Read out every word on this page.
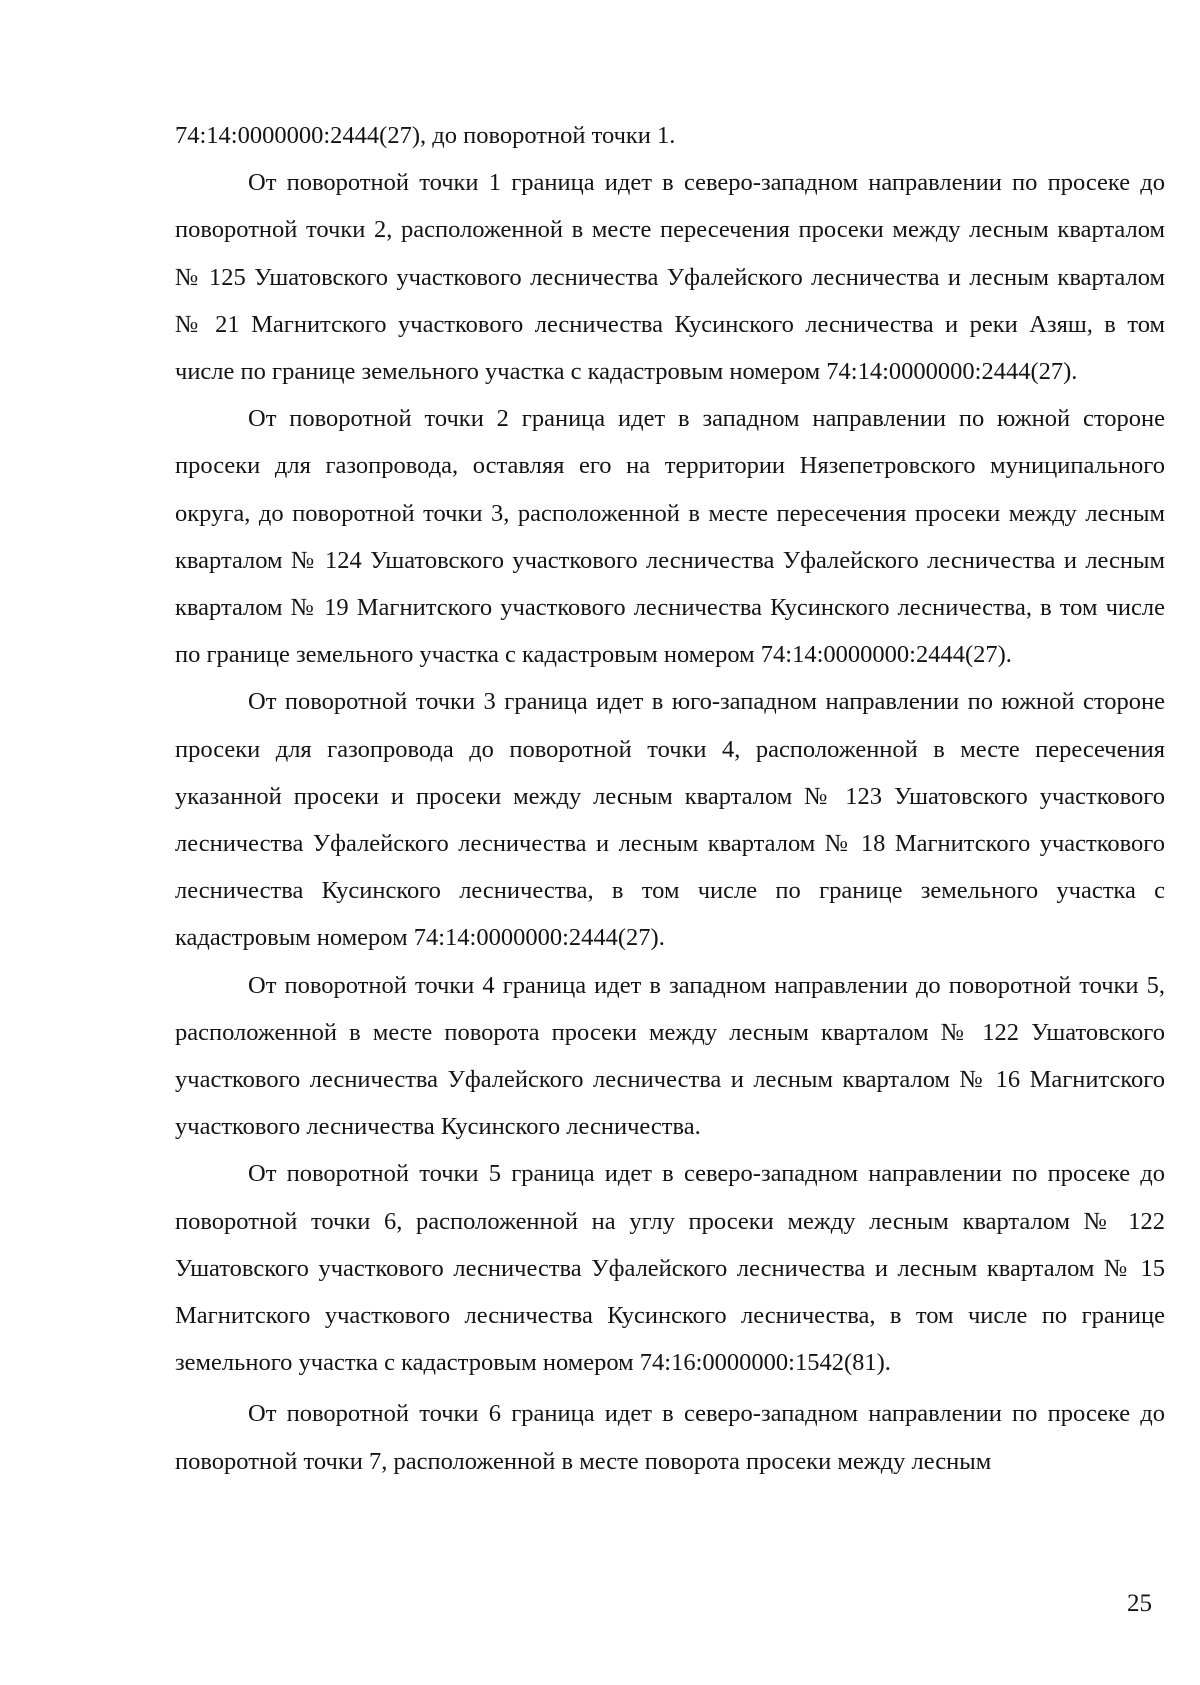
74:14:0000000:2444(27), до поворотной точки 1.

От поворотной точки 1 граница идет в северо-западном направлении по просеке до поворотной точки 2, расположенной в месте пересечения просеки между лесным кварталом № 125 Ушатовского участкового лесничества Уфалейского лесничества и лесным кварталом № 21 Магнитского участкового лесничества Кусинского лесничества и реки Азяш, в том числе по границе земельного участка с кадастровым номером 74:14:0000000:2444(27).

От поворотной точки 2 граница идет в западном направлении по южной стороне просеки для газопровода, оставляя его на территории Нязепетровского муниципального округа, до поворотной точки 3, расположенной в месте пересечения просеки между лесным кварталом № 124 Ушатовского участкового лесничества Уфалейского лесничества и лесным кварталом № 19 Магнитского участкового лесничества Кусинского лесничества, в том числе по границе земельного участка с кадастровым номером 74:14:0000000:2444(27).

От поворотной точки 3 граница идет в юго-западном направлении по южной стороне просеки для газопровода до поворотной точки 4, расположенной в месте пересечения указанной просеки и просеки между лесным кварталом № 123 Ушатовского участкового лесничества Уфалейского лесничества и лесным кварталом № 18 Магнитского участкового лесничества Кусинского лесничества, в том числе по границе земельного участка с кадастровым номером 74:14:0000000:2444(27).

От поворотной точки 4 граница идет в западном направлении до поворотной точки 5, расположенной в месте поворота просеки между лесным кварталом № 122 Ушатовского участкового лесничества Уфалейского лесничества и лесным кварталом № 16 Магнитского участкового лесничества Кусинского лесничества.

От поворотной точки 5 граница идет в северо-западном направлении по просеке до поворотной точки 6, расположенной на углу просеки между лесным кварталом № 122 Ушатовского участкового лесничества Уфалейского лесничества и лесным кварталом № 15 Магнитского участкового лесничества Кусинского лесничества, в том числе по границе земельного участка с кадастровым номером 74:16:0000000:1542(81).

От поворотной точки 6 граница идет в северо-западном направлении по просеке до поворотной точки 7, расположенной в месте поворота просеки между лесным

25
